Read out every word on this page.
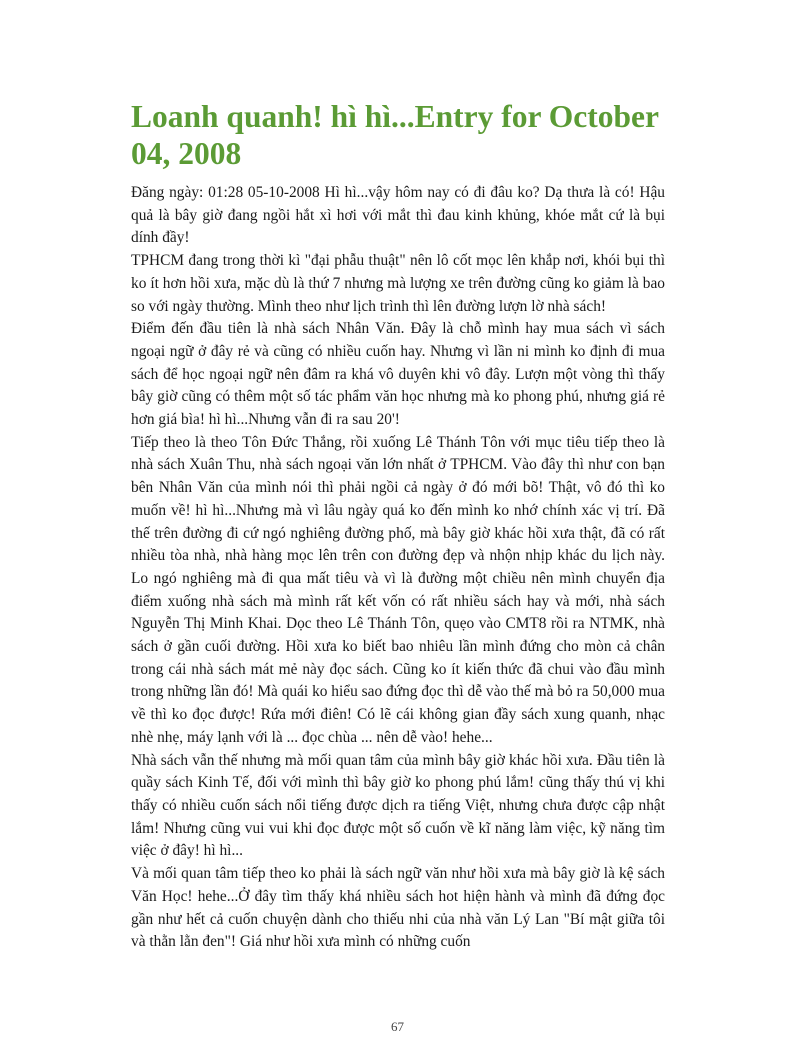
Loanh quanh! hì hì...Entry for October 04, 2008

Đăng ngày: 01:28 05-10-2008 Hì hì...vậy hôm nay có đi đâu ko? Dạ thưa là có! Hậu quả là bây giờ đang ngồi hắt xì hơi với mắt thì đau kinh khủng, khóe mắt cứ là bụi dính đầy!

TPHCM đang trong thời kì "đại phẫu thuật" nên lô cốt mọc lên khắp nơi, khói bụi thì ko ít hơn hồi xưa, mặc dù là thứ 7 nhưng mà lượng xe trên đường cũng ko giảm là bao so với ngày thường. Mình theo như lịch trình thì lên đường lượn lờ nhà sách!

Điểm đến đầu tiên là nhà sách Nhân Văn. Đây là chỗ mình hay mua sách vì sách ngoại ngữ ở đây rẻ và cũng có nhiều cuốn hay. Nhưng vì lần ni mình ko định đi mua sách để học ngoại ngữ nên đâm ra khá vô duyên khi vô đây. Lượn một vòng thì thấy bây giờ cũng có thêm một số tác phẩm văn học nhưng mà ko phong phú, nhưng giá rẻ hơn giá bìa! hì hì...Nhưng vẫn đi ra sau 20'!

Tiếp theo là theo Tôn Đức Thắng, rồi xuống Lê Thánh Tôn với mục tiêu tiếp theo là nhà sách Xuân Thu, nhà sách ngoại văn lớn nhất ở TPHCM. Vào đây thì như con bạn bên Nhân Văn của mình nói thì phải ngồi cả ngày ở đó mới bõ! Thật, vô đó thì ko muốn về! hì hì...Nhưng mà vì lâu ngày quá ko đến mình ko nhớ chính xác vị trí. Đã thế trên đường đi cứ ngó nghiêng đường phố, mà bây giờ khác hồi xưa thật, đã có rất nhiều tòa nhà, nhà hàng mọc lên trên con đường đẹp và nhộn nhịp khác du lịch này. Lo ngó nghiêng mà đi qua mất tiêu và vì là đường một chiều nên mình chuyển địa điểm xuống nhà sách mà mình rất kết vốn có rất nhiều sách hay và mới, nhà sách Nguyễn Thị Minh Khai. Dọc theo Lê Thánh Tôn, quẹo vào CMT8 rồi ra NTMK, nhà sách ở gần cuối đường. Hồi xưa ko biết bao nhiêu lần mình đứng cho mòn cả chân trong cái nhà sách mát mẻ này đọc sách. Cũng ko ít kiến thức đã chui vào đầu mình trong những lần đó! Mà quái ko hiểu sao đứng đọc thì dễ vào thế mà bỏ ra 50,000 mua về thì ko đọc được! Rứa mới điên! Có lẽ cái không gian đầy sách xung quanh, nhạc nhè nhẹ, máy lạnh với là ... đọc chùa ... nên dễ vào! hehe...

Nhà sách vẫn thế nhưng mà mối quan tâm của mình bây giờ khác hồi xưa. Đầu tiên là quầy sách Kinh Tế, đối với mình thì bây giờ ko phong phú lắm! cũng thấy thú vị khi thấy có nhiều cuốn sách nổi tiếng được dịch ra tiếng Việt, nhưng chưa được cập nhật lắm! Nhưng cũng vui vui khi đọc được một số cuốn về kĩ năng làm việc, kỹ năng tìm việc ở đây! hì hì...

Và mối quan tâm tiếp theo ko phải là sách ngữ văn như hồi xưa mà bây giờ là kệ sách Văn Học! hehe...Ở đây tìm thấy khá nhiều sách hot hiện hành và mình đã đứng đọc gần như hết cả cuốn chuyện dành cho thiếu nhi của nhà văn Lý Lan "Bí mật giữa tôi và thằn lằn đen"! Giá như hồi xưa mình có những cuốn

67
